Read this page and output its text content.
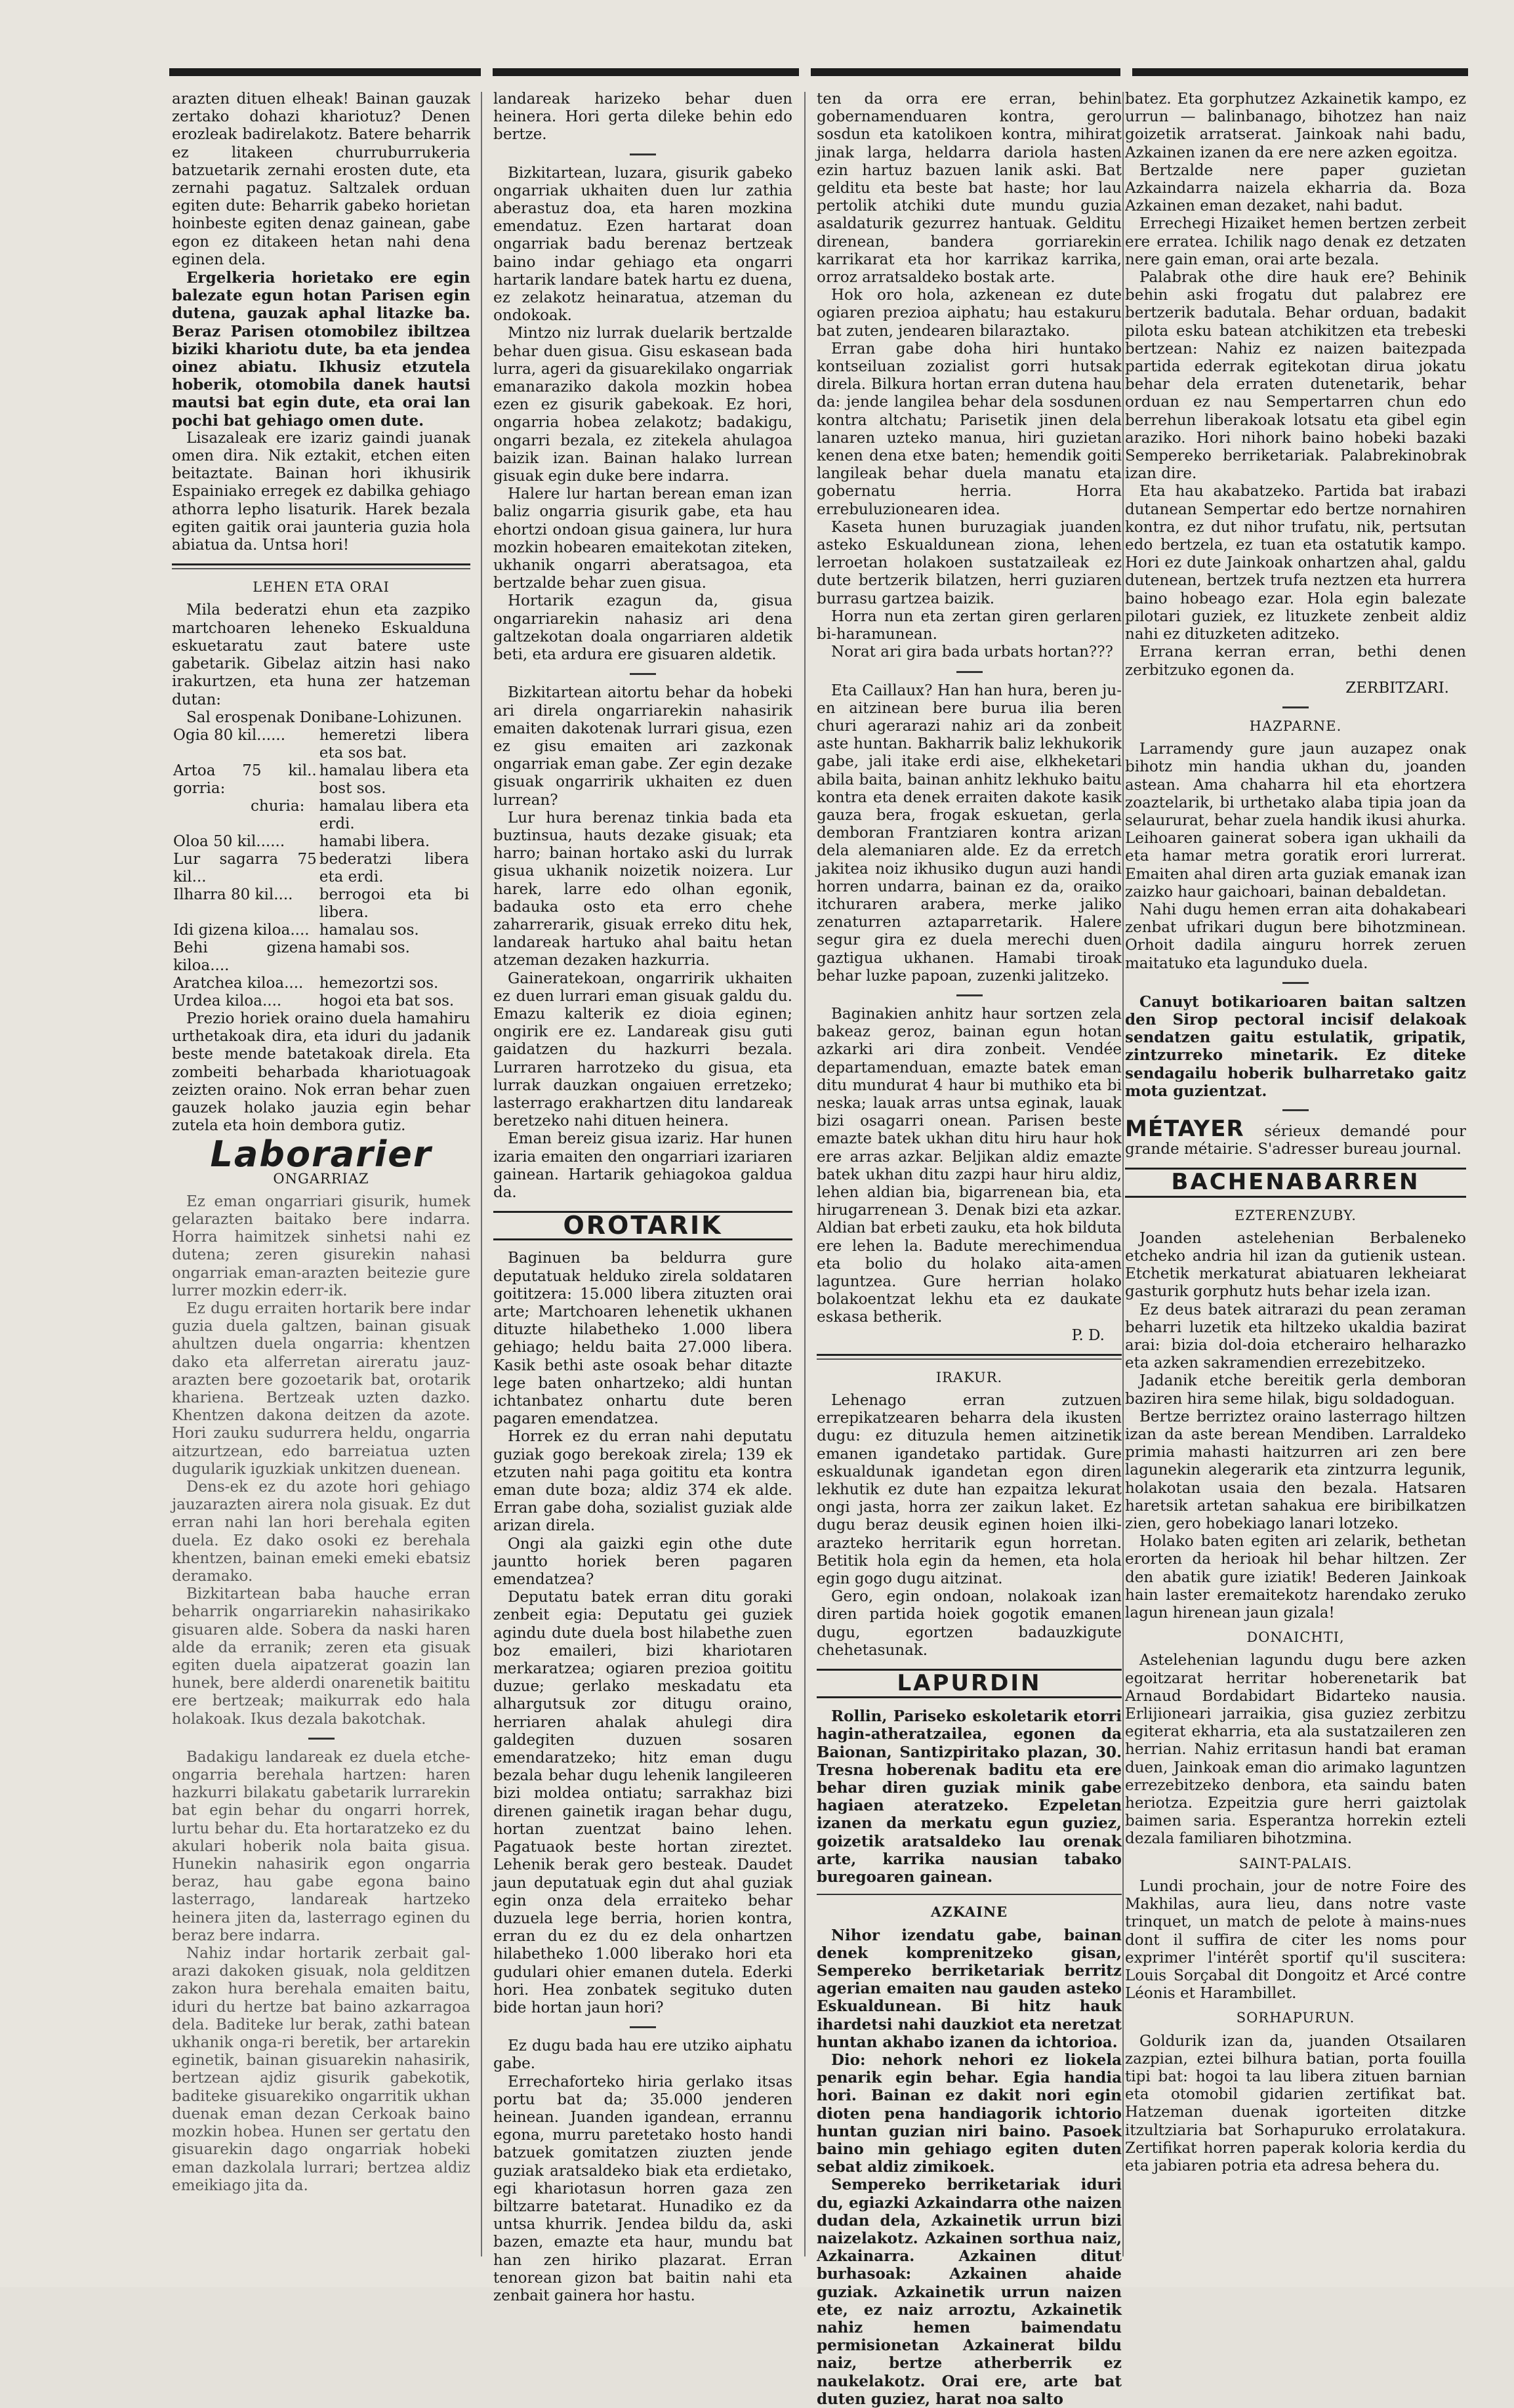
arazten dituen elheak! Bainan gauzak zertako dohazi khariotuz? Denen erozleak badirelakotz. Batere beharrik ez litakeen churruburrukeria batzuetarik zernahi erosten dute, eta zernahi pagatuz. Saltzalek orduan egiten dute: Beharrik gabeko horietan hoinbeste egiten denaz gainean, gabe egon ez ditakeen hetan nahi dena eginen dela.

Ergelkeria horietako ere egin balezate egun hotan Parisen egin dutena, gauzak aphal litazke ba. Beraz Parisen otomobilez ibiltzea biziki khariotu dute, ba eta jendea oinez abiatu. Ikhusiz etzutela hoberik, otomobila danek hautsi mautsi bat egin dute, eta orai lan pochi bat gehiago omen dute.

Lisazaleak ere izariz gaindi juanak omen dira. Nik eztakit, etchen eiten beitaztate. Bainan hori ikhusirik Espainiako erregek ez dabilka gehiago athorra lepho lisaturik. Harek bezala egiten gaitik orai jaunteria guzia hola abiatua da. Untsa hori!

LEHEN ETA ORAI

Mila bederatzi ehun eta zazpiko martchoaren leheneko Eskualduna eskuetaratu zaut batere uste gabetarik. Gibelaz aitzin hasi nako irakurtzen, eta huna zer hatzeman dutan:

Sal erospenak Donibane-Lohizunen.

Ogia 80 kil......	hemeretzi libera eta sos bat.
Artoa 75 kil.. gorria:	hamalau libera eta bost sos.
churia:	hamalau libera eta erdi.
Oloa 50 kil......	hamabi libera.
Lur sagarra 75 kil...	bederatzi libera eta erdi.
Ilharra 80 kil....	berrogoi eta bi libera.
Idi gizena kiloa....	hamalau sos.
Behi gizena kiloa....	hamabi sos.
Aratchea kiloa....	hemezortzi sos.
Urdea kiloa....	hogoi eta bat sos.

Prezio horiek oraino duela hamahiru urthetakoak dira, eta iduri du jadanik beste mende batetakoak direla. Eta zombeiti beharbada khariotuagoak zeizten oraino. Nok erran behar zuen gauzek holako jauzia egin behar zutela eta hoin dembora gutiz.

Laborarier
ONGARRIAZ

Ez eman ongarriari gisurik, humek gelarazten baitako bere indarra. Horra haimitzek sinhetsi nahi ez dutena; zeren gisurekin nahasi ongarriak eman-arazten beitezie gure lurrer mozkin ederr-ik.

Ez dugu erraiten hortarik bere indar guzia duela galtzen, bainan gisuak ahultzen duela ongarria: khentzen dako eta alferretan aireratu jauz-arazten bere gozoetarik bat, orotarik khariena. Bertzeak uzten dazko. Khentzen dakona deitzen da azote. Hori zauku sudurrera heldu, ongarria aitzurtzean, edo barreiatua uzten dugularik iguzkiak unkitzen duenean.

Dens-ek ez du azote hori gehiago jauzarazten airera nola gisuak. Ez dut erran nahi lan hori berehala egiten duela. Ez dako osoki ez berehala khentzen, bainan emeki emeki ebatsiz deramako.

Bizkitartean baba hauche erran beharrik ongarriarekin nahasirikako gisuaren alde. Sobera da naski haren alde da erranik; zeren eta gisuak egiten duela aipatzerat goazin lan hunek, bere alderdi onarenetik baititu ere bertzeak; maikurrak edo hala holakoak. Ikus dezala bakotchak.

Badakigu landareak ez duela etche-ongarria berehala hartzen: haren hazkurri bilakatu gabetarik lurrarekin bat egin behar du ongarri horrek, lurtu behar du. Eta hortaratzeko ez du akulari hoberik nola baita gisua. Hunekin nahasirik egon ongarria beraz, hau gabe egona baino lasterrago, landareak hartzeko heinera jiten da, lasterrago eginen du beraz bere indarra.

Nahiz indar hortarik zerbait gal-arazi dakoken gisuak, nola gelditzen zakon hura berehala emaiten baitu, iduri du hertze bat baino azkarragoa dela. Baditeke lur berak, zathi batean ukhanik onga-ri beretik, ber artarekin eginetik, bainan gisuarekin nahasirik, bertzean ajdiz gisurik gabekotik, baditeke gisuarekiko ongarritik ukhan duenak eman dezan Cerkoak baino mozkin hobea. Hunen ser gertatu den gisuarekin dago ongarriak hobeki eman dazkolala lurrari; bertzea aldiz emeikiago jita da.

landareak harizeko behar duen heinera. Hori gerta dileke behin edo bertze.

Bizkitartean, luzara, gisurik gabeko ongarriak ukhaiten duen lur zathia aberastuz doa, eta haren mozkina emendatuz. Ezen hartarat doan ongarriak badu berenaz bertzeak baino indar gehiago eta ongarri hartarik landare batek hartu ez duena, ez zelakotz heinaratua, atzeman du ondokoak.

Mintzo niz lurrak duelarik bertzalde behar duen gisua. Gisu eskasean bada lurra, ageri da gisuarekilako ongarriak emanaraziko dakola mozkin hobea ezen ez gisurik gabekoak. Ez hori, ongarria hobea zelakotz; badakigu, ongarri bezala, ez zitekela ahulagoa baizik izan. Bainan halako lurrean gisuak egin duke bere indarra.

Halere lur hartan berean eman izan baliz ongarria gisurik gabe, eta hau ehortzi ondoan gisua gainera, lur hura mozkin hobearen emaitekotan ziteken, ukhanik ongarri aberatsagoa, eta bertzalde behar zuen gisua.

Hortarik ezagun da, gisua ongarriarekin nahasiz ari dena galtzekotan doala ongarriaren aldetik beti, eta ardura ere gisuaren aldetik.

Bizkitartean aitortu behar da hobeki ari direla ongarriarekin nahasirik emaiten dakotenak lurrari gisua, ezen ez gisu emaiten ari zazkonak ongarriak eman gabe. Zer egin dezake gisuak ongarririk ukhaiten ez duen lurrean?

Lur hura berenaz tinkia bada eta buztinsua, hauts dezake gisuak; eta harro; bainan hortako aski du lurrak gisua ukhanik noizetik noizera. Lur harek, larre edo olhan egonik, badauka osto eta erro chehe zaharrerarik, gisuak erreko ditu hek, landareak hartuko ahal baitu hetan atzeman dezaken hazkurria.

Gaineratekoan, ongarririk ukhaiten ez duen lurrari eman gisuak galdu du. Emazu kalterik ez dioia eginen; ongirik ere ez. Landareak gisu guti gaidatzen du hazkurri bezala. Lurraren harrotzeko du gisua, eta lurrak dauzkan ongaiuen erretzeko; lasterrago erakhartzen ditu landareak beretzeko nahi dituen heinera.

Eman bereiz gisua izariz. Har hunen izaria emaiten den ongarriari izariaren gainean. Hartarik gehiagokoa galdua da.

OROTARIK

Baginuen ba beldurra gure deputatuak helduko zirela soldataren goititzera: 15.000 libera zituzten orai arte; Martchoaren lehenetik ukhanen dituzte hilabetheko 1.000 libera gehiago; heldu baita 27.000 libera. Kasik bethi aste osoak behar ditazte lege baten onhartzeko; aldi huntan ichtanbatez onhartu dute beren pagaren emendatzea.

Horrek ez du erran nahi deputatu guziak gogo berekoak zirela; 139 ek etzuten nahi paga goititu eta kontra eman dute boza; aldiz 374 ek alde. Erran gabe doha, sozialist guziak alde arizan direla.

Ongi ala gaizki egin othe dute jauntto horiek beren pagaren emendatzea?

Deputatu batek erran ditu goraki zenbeit egia: Deputatu gei guziek agindu dute duela bost hilabethe zuen boz emaileri, bizi khariotaren merkaratzea; ogiaren prezioa goititu duzue; gerlako meskadatu eta alhargutsuk zor ditugu oraino, herriaren ahalak ahulegi dira galdegiten duzuen sosaren emendaratzeko; hitz eman dugu bezala behar dugu lehenik langileeren bizi moldea ontiatu; sarrakhaz bizi direnen gainetik iragan behar dugu, hortan zuentzat baino lehen. Pagatuaok beste hortan zireztet. Lehenik berak gero besteak. Daudet jaun deputatuak egin dut ahal guziak egin onza dela erraiteko behar duzuela lege berria, horien kontra, erran du ez du ez dela onhartzen hilabetheko 1.000 liberako hori eta gudulari ohier emanen dutela. Ederki hori. Hea zonbatek segituko duten bide hortan jaun hori?

Ez dugu bada hau ere utziko aiphatu gabe.

Errechaforteko hiria gerlako itsas portu bat da; 35.000 jenderen heinean. Juanden igandean, errannu egona, murru paretetako hosto handi batzuek gomitatzen ziuzten jende guziak aratsaldeko biak eta erdietako, egi khariotasun horren gaza zen biltzarre batetarat. Hunadiko ez da untsa khurrik. Jendea bildu da, aski bazen, emazte eta haur, mundu bat han zen hiriko plazarat. Erran tenorean gizon bat baitin nahi eta zenbait gainera hor hastu.

ten da orra ere erran, behin gobernamenduaren kontra, gero sosdun eta katolikoen kontra, mihirat jinak larga, heldarra dariola hasten ezin hartuz bazuen lanik aski. Bat gelditu eta beste bat haste; hor lau pertolik atchiki dute mundu guzia asaldaturik gezurrez hantuak. Gelditu direnean, bandera gorriarekin karrikarat eta hor karrikaz karrika, orroz arratsaldeko bostak arte.

Hok oro hola, azkenean ez dute ogiaren prezioa aiphatu; hau estakuru bat zuten, jendearen bilaraztako.

Erran gabe doha hiri huntako kontseiluan zozialist gorri hutsak direla. Bilkura hortan erran dutena hau da: jende langilea behar dela sosdunen kontra altchatu; Parisetik jinen dela lanaren uzteko manua, hiri guzietan kenen dena etxe baten; hemendik goiti langileak behar duela manatu eta gobernatu herria. Horra errebuluzionearen idea.

Kaseta hunen buruzagiak juanden asteko Eskualdunean ziona, lehen lerroetan holakoen sustatzaileak ez dute bertzerik bilatzen, herri guziaren burrasu gartzea baizik.

Horra nun eta zertan giren gerlaren bi-haramunean.

Norat ari gira bada urbats hortan???

Eta Caillaux? Han han hura, beren ju-en aitzinean bere burua ilia beren churi agerarazi nahiz ari da zonbeit aste huntan. Bakharrik baliz lekhukorik gabe, jali itake erdi aise, elkheketari abila baita, bainan anhitz lekhuko baitu kontra eta denek erraiten dakote kasik gauza bera, frogak eskuetan, gerla demboran Frantziaren kontra arizan dela alemaniaren alde. Ez da erretch jakitea noiz ikhusiko dugun auzi handi horren undarra, bainan ez da, oraiko itchuraren arabera, merke jaliko zenaturren aztaparretarik. Halere segur gira ez duela merechi duen gaztigua ukhanen. Hamabi tiroak behar luzke papoan, zuzenki jalitzeko.

Baginakien anhitz haur sortzen zela bakeaz geroz, bainan egun hotan azkarki ari dira zonbeit. Vendée departamenduan, emazte batek eman ditu mundurat 4 haur bi muthiko eta bi neska; lauak arras untsa eginak, lauak bizi osagarri onean. Parisen beste emazte batek ukhan ditu hiru haur hok ere arras azkar. Beljikan aldiz emazte batek ukhan ditu zazpi haur hiru aldiz, lehen aldian bia, bigarrenean bia, eta hirugarrenean 3. Denak bizi eta azkar. Aldian bat erbeti zauku, eta hok bilduta ere lehen la. Badute merechimendua eta bolio du holako aita-amen laguntzea. Gure herrian holako bolakoentzat lekhu eta ez daukate eskasa betherik.

P. D.
IRAKUR.

Lehenago erran zutzuen errepikatzearen beharra dela ikusten dugu: ez dituzula hemen aitzinetik emanen igandetako partidak. Gure eskualdunak igandetan egon diren lekhutik ez dute han ezpaitza lekurat ongi jasta, horra zer zaikun laket. Ez dugu beraz deusik eginen hoien ilki-arazteko herritarik egun horretan. Betitik hola egin da hemen, eta hola egin gogo dugu aitzinat.

Gero, egin ondoan, nolakoak izan diren partida hoiek gogotik emanen dugu, egortzen badauzkigute chehetasunak.

LAPURDIN

Rollin, Pariseko eskoletarik etorri hagin-atheratzailea, egonen da Baionan, Santizpiritako plazan, 30. Tresna hoberenak baditu eta ere behar diren guziak minik gabe hagiaen ateratzeko. Ezpeletan izanen da merkatu egun guziez, goizetik aratsaldeko lau orenak arte, karrika nausian tabako buregoaren gainean.

AZKAINE

Nihor izendatu gabe, bainan denek komprenitzeko gisan, Sempereko berriketariak berritz agerian emaiten nau gauden asteko Eskualdunean. Bi hitz hauk ihardetsi nahi dauzkiot eta neretzat huntan akhabo izanen da ichtorioa.

Dio: nehork nehori ez liokela penarik egin behar. Egia handia hori. Bainan ez dakit nori egin dioten pena handiagorik ichtorio huntan guzian niri baino. Pasoek baino min gehiago egiten duten sebat aldiz zimikoek.

Sempereko berriketariak iduri du, egiazki Azkaindarra othe naizen dudan dela, Azkainetik urrun bizi naizelakotz. Azkainen sorthua naiz, Azkainarra. Azkainen ditut burhasoak: Azkainen ahaide guziak. Azkainetik urrun naizen ete, ez naiz arroztu, Azkainetik nahiz hemen baimendatu permisionetan Azkainerat bildu naiz, bertze atherberrik ez naukelakotz. Orai ere, arte bat duten guziez, harat noa salto

batez. Eta gorphutzez Azkainetik kampo, ez urrun — balinbanago, bihotzez han naiz goizetik arratserat. Jainkoak nahi badu, Azkainen izanen da ere nere azken egoitza.

Bertzalde nere paper guzietan Azkaindarra naizela ekharria da. Boza Azkainen eman dezaket, nahi badut.

Errechegi Hizaiket hemen bertzen zerbeit ere erratea. Ichilik nago denak ez detzaten nere gain eman, orai arte bezala.

Palabrak othe dire hauk ere? Behinik behin aski frogatu dut palabrez ere bertzerik badutala. Behar orduan, badakit pilota esku batean atchikitzen eta trebeski bertzean: Nahiz ez naizen baitezpada partida ederrak egitekotan dirua jokatu behar dela erraten dutenetarik, behar orduan ez nau Sempertarren chun edo berrehun liberakoak lotsatu eta gibel egin araziko. Hori nihork baino hobeki bazaki Sempereko berriketariak. Palabrekinobrak izan dire.

Eta hau akabatzeko. Partida bat irabazi dutanean Sempertar edo bertze nornahiren kontra, ez dut nihor trufatu, nik, pertsutan edo bertzela, ez tuan eta ostatutik kampo. Hori ez dute Jainkoak onhartzen ahal, galdu dutenean, bertzek trufa neztzen eta hurrera baino hobeago ezar. Hola egin balezate pilotari guziek, ez lituzkete zenbeit aldiz nahi ez dituzketen aditzeko.

Errana kerran erran, bethi denen zerbitzuko egonen da.

ZERBITZARI.
HAZPARNE.

Larramendy gure jaun auzapez onak bihotz min handia ukhan du, joanden astean. Ama chaharra hil eta ehortzera zoaztelarik, bi urthetako alaba tipia joan da selaururat, behar zuela handik ikusi ahurka. Leihoaren gainerat sobera igan ukhaili da eta hamar metra goratik erori lurrerat. Emaiten ahal diren arta guziak emanak izan zaizko haur gaichoari, bainan debaldetan.

Nahi dugu hemen erran aita dohakabeari zenbat ufrikari dugun bere bihotzminean. Orhoit dadila ainguru horrek zeruen maitatuko eta lagunduko duela.

Canuyt botikarioaren baitan saltzen den Sirop pectoral incisif delakoak sendatzen gaitu estulatik, gripatik, zintzurreko minetarik. Ez diteke sendagailu hoberik bulharretako gaitz mota guzientzat.

MÉTAYER sérieux demandé pour grande métairie. S'adresser bureau journal.
BACHENABARREN
EZTERENZUBY.

Joanden astelehenian Berbaleneko etcheko andria hil izan da gutienik ustean. Etchetik merkaturat abiatuaren lekheiarat gasturik gorphutz huts behar izela izan.

Ez deus batek aitrarazi du pean zeraman beharri luzetik eta hiltzeko ukaldia bazirat arai: bizia dol-doia etcherairo helharazko eta azken sakramendien errezebitzeko.

Jadanik etche bereitik gerla demboran baziren hira seme hilak, bigu soldadoguan.

Bertze berriztez oraino lasterrago hiltzen izan da aste berean Mendiben. Larraldeko primia mahasti haitzurren ari zen bere lagunekin alegerarik eta zintzurra legunik, holakotan usaia den bezala. Hatsaren haretsik artetan sahakua ere biribilkatzen zien, gero hobekiago lanari lotzeko.

Holako baten egiten ari zelarik, bethetan erorten da herioak hil behar hiltzen. Zer den abatik gure iziatik! Bederen Jainkoak hain laster eremaitekotz harendako zeruko lagun hirenean jaun gizala!

DONAICHTI,

Astelehenian lagundu dugu bere azken egoitzarat herritar hoberenetarik bat Arnaud Bordabidart Bidarteko nausia. Erlijioneari jarraikia, gisa guziez zerbitzu egiterat ekharria, eta ala sustatzaileren zen herrian. Nahiz erritasun handi bat eraman duen, Jainkoak eman dio arimako laguntzen errezebitzeko denbora, eta saindu baten heriotza. Ezpeitzia gure herri gaiztolak baimen saria. Esperantza horrekin ezteli dezala familiaren bihotzmina.

SAINT-PALAIS.

Lundi prochain, jour de notre Foire des Makhilas, aura lieu, dans notre vaste trinquet, un match de pelote à mains-nues dont il suffira de citer les noms pour exprimer l'intérêt sportif qu'il suscitera: Louis Sorçabal dit Dongoitz et Arcé contre Léonis et Harambillet.

SORHAPURUN.

Goldurik izan da, juanden Otsailaren zazpian, eztei bilhura batian, porta fouilla tipi bat: hogoi ta lau libera zituen barnian eta otomobil gidarien zertifikat bat. Hatzeman duenak igorteiten ditzke itzultziaria bat Sorhapuruko errolatakura. Zertifikat horren paperak koloria kerdia du eta jabiaren potria eta adresa behera du.
